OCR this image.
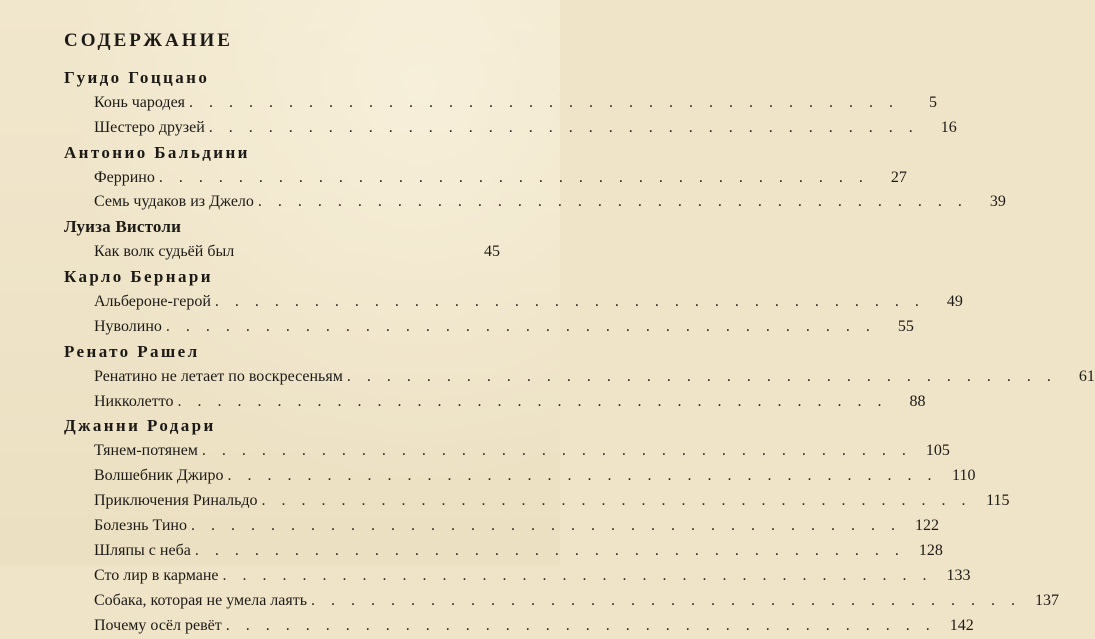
СОДЕРЖАНИЕ
Гуидо Гоццано
Конь чародея . . . . . . . . . . . . . . . . . . . . . . . . . . . . . . . . . . . .	5
Шестеро друзей . . . . . . . . . . . . . . . . . . . . . . . . . . . . . . . . . . . .	16
Антонио Бальдини
Феррино . . . . . . . . . . . . . . . . . . . . . . . . . . . . . . . . . . . .	27
Семь чудаков из Джело . . . . . . . . . . . . . . . . . . . . . . . . . . . . . . . . . . . .	39
Луиза Вистоли
Как волк судьёй был	45
Карло Бернари
Альбероне-герой . . . . . . . . . . . . . . . . . . . . . . . . . . . . . . . . . . . .	49
Нуволино . . . . . . . . . . . . . . . . . . . . . . . . . . . . . . . . . . . .	55
Ренато Рашел
Ренатино не летает по воскресеньям . . . . . . . . . . . . . . . . . . . . . . . . . . . . . . . . . . . .	61
Никколетто . . . . . . . . . . . . . . . . . . . . . . . . . . . . . . . . . . . .	88
Джанни Родари
Тянем-потянем . . . . . . . . . . . . . . . . . . . . . . . . . . . . . . . . . . . . 105
Волшебник Джиро . . . . . . . . . . . . . . . . . . . . . . . . . . . . . . . . . . . . 110
Приключения Ринальдо . . . . . . . . . . . . . . . . . . . . . . . . . . . . . . . . . . . . 115
Болезнь Тино . . . . . . . . . . . . . . . . . . . . . . . . . . . . . . . . . . . . 122
Шляпы с неба . . . . . . . . . . . . . . . . . . . . . . . . . . . . . . . . . . . . 128
Сто лир в кармане . . . . . . . . . . . . . . . . . . . . . . . . . . . . . . . . . . . . 133
Собака, которая не умела лаять . . . . . . . . . . . . . . . . . . . . . . . . . . . . . . . . . . . . 137
Почему осёл ревёт . . . . . . . . . . . . . . . . . . . . . . . . . . . . . . . . . . . . 142
